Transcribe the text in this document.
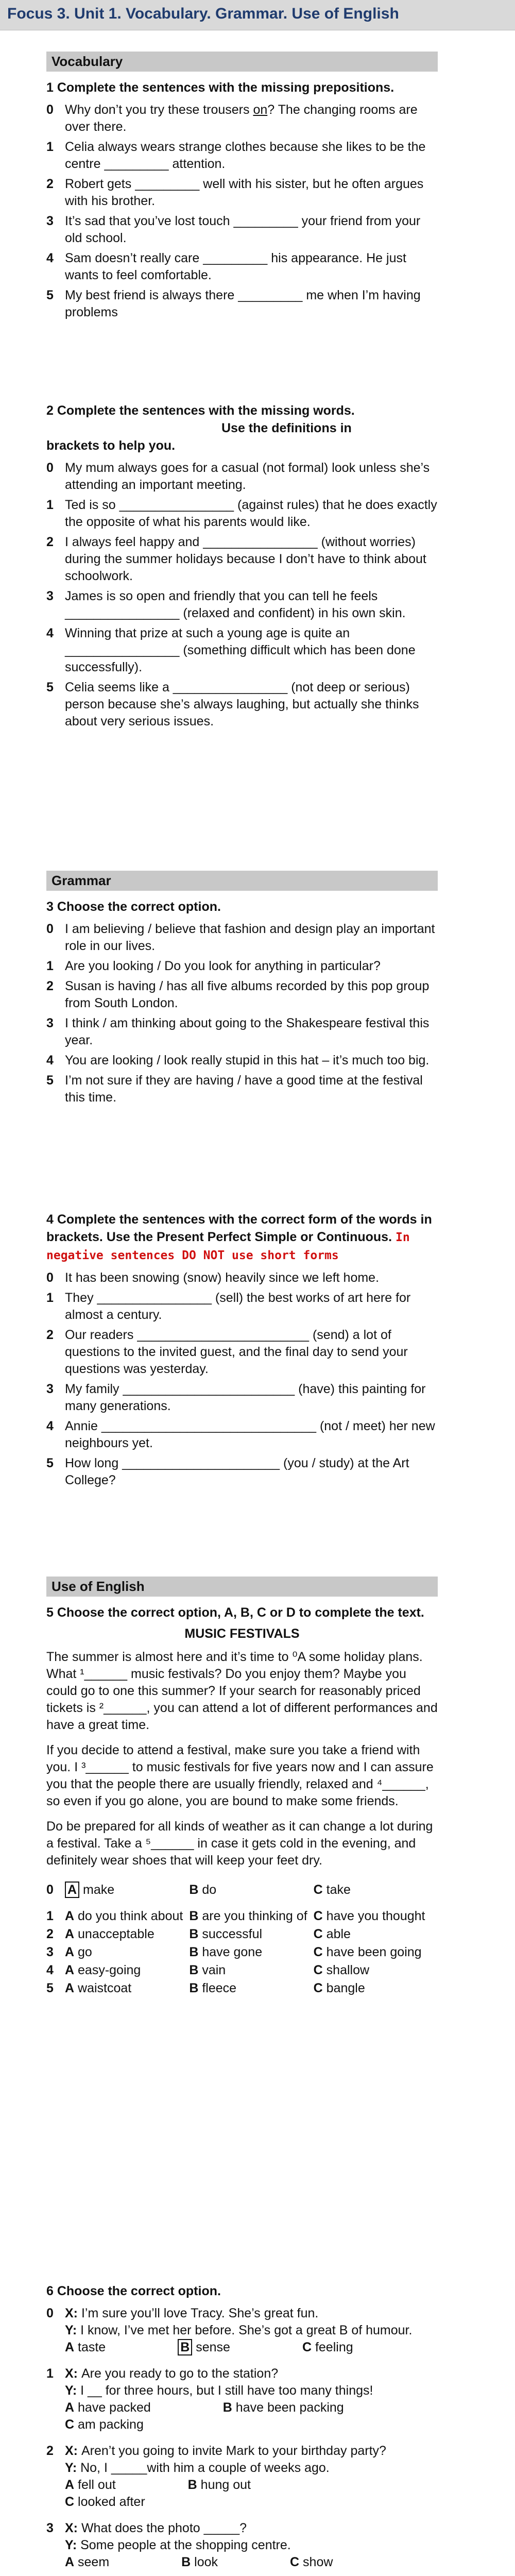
Focus 3. Unit 1. Vocabulary. Grammar. Use of English
Vocabulary
1 Complete the sentences with the missing prepositions.
0 Why don’t you try these trousers on? The changing rooms are over there.
1 Celia always wears strange clothes because she likes to be the centre _________ attention.
2 Robert gets _________ well with his sister, but he often argues with his brother.
3 It’s sad that you’ve lost touch _________ your friend from your old school.
4 Sam doesn’t really care _________ his appearance. He just wants to feel comfortable.
5 My best friend is always there _________ me when I’m having problems
2 Complete the sentences with the missing words.
Use the definitions in
brackets to help you.
0 My mum always goes for a casual (not formal) look unless she’s attending an important meeting.
1 Ted is so ________________ (against rules) that he does exactly the opposite of what his parents would like.
2 I always feel happy and ________________ (without worries) during the summer holidays because I don’t have to think about schoolwork.
3 James is so open and friendly that you can tell he feels ________________ (relaxed and confident) in his own skin.
4 Winning that prize at such a young age is quite an ________________ (something difficult which has been done successfully).
5 Celia seems like a ________________ (not deep or serious) person because she’s always laughing, but actually she thinks about very serious issues.
Grammar
3 Choose the correct option.
0 I am believing / believe that fashion and design play an important role in our lives.
1 Are you looking / Do you look for anything in particular?
2 Susan is having / has all five albums recorded by this pop group from South London.
3 I think / am thinking about going to the Shakespeare festival this year.
4 You are looking / look really stupid in this hat – it’s much too big.
5 I’m not sure if they are having / have a good time at the festival this time.
4 Complete the sentences with the correct form of the words in brackets. Use the Present Perfect Simple or Continuous. In negative sentences DO NOT use short forms
0 It has been snowing (snow) heavily since we left home.
1 They ________________ (sell) the best works of art here for almost a century.
2 Our readers ________________________ (send) a lot of questions to the invited guest, and the final day to send your questions was yesterday.
3 My family ________________________ (have) this painting for many generations.
4 Annie ______________________________ (not / meet) her new neighbours yet.
5 How long ______________________ (you / study) at the Art College?
Use of English
5 Choose the correct option, A, B, C or D to complete the text.
MUSIC FESTIVALS
The summer is almost here and it’s time to ⁰A some holiday plans. What ¹______ music festivals? Do you enjoy them? Maybe you could go to one this summer? If your search for reasonably priced tickets is ²______, you can attend a lot of different performances and have a great time.
If you decide to attend a festival, make sure you take a friend with you. I ³______ to music festivals for five years now and I can assure you that the people there are usually friendly, relaxed and ⁴______, so even if you go alone, you are bound to make some friends.
Do be prepared for all kinds of weather as it can change a lot during a festival. Take a ⁵______ in case it gets cold in the evening, and definitely wear shoes that will keep your feet dry.
0	A make	B do	C take
1 A do you think about B are you thinking of C have you thought
2 A unacceptable	B successful	C able
3 A go	B have gone	C have been going
4 A easy-going	B vain	C shallow
5 A waistcoat	B fleece	C bangle
6 Choose the correct option.
0 X: I’m sure you’ll love Tracy. She’s great fun.
Y: I know, I’ve met her before. She’s got a great B of humour.
A taste	B sense	C feeling
1 X: Are you ready to go to the station?
Y: I __ for three hours, but I still have too many things!
A have packed	B have been packing
C am packing
2 X: Aren’t you going to invite Mark to your birthday party?
Y: No, I _____with him a couple of weeks ago.
A fell out	B hung out
C looked after
3 X: What does the photo _____?
Y: Some people at the shopping centre.
A seem	B look	C show
